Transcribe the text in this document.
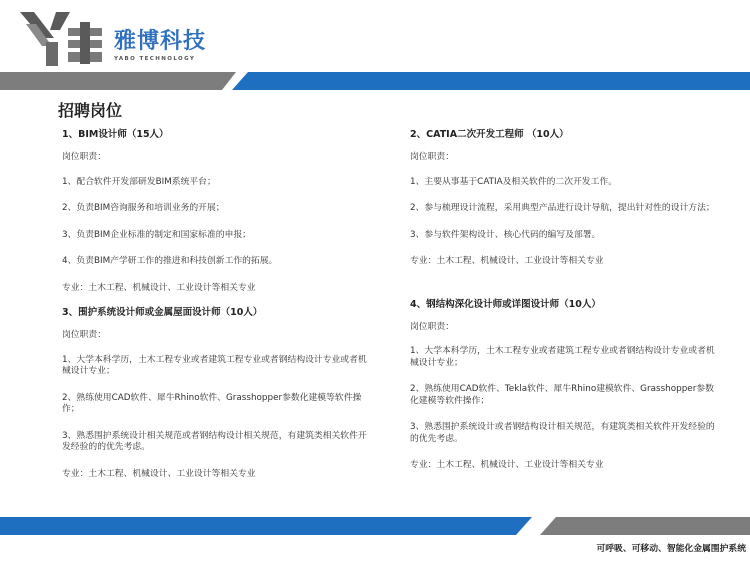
雅博科技
YABO TECHNOLOGY
招聘岗位
1、BIM设计师（15人）
岗位职责：
1、配合软件开发部研发BIM系统平台；
2、负责BIM咨询服务和培训业务的开展；
3、负责BIM企业标准的制定和国家标准的申报；
4、负责BIM产学研工作的推进和科技创新工作的拓展。
专业：土木工程、机械设计、工业设计等相关专业
3、围护系统设计师或金属屋面设计师（10人）
岗位职责：
1、大学本科学历，土木工程专业或者建筑工程专业或者钢结构设计专业或者机械设计专业；
2、熟练使用CAD软件、犀牛Rhino软件、Grasshopper参数化建模等软件操作；
3、熟悉围护系统设计相关规范或者钢结构设计相关规范，有建筑类相关软件开发经验的的优先考虑。
专业：土木工程、机械设计、工业设计等相关专业
2、CATIA二次开发工程师 （10人）
岗位职责：
1、主要从事基于CATIA及相关软件的二次开发工作。
2、参与梳理设计流程，采用典型产品进行设计导航，提出针对性的设计方法；
3、参与软件架构设计、核心代码的编写及部署。
专业：土木工程、机械设计、工业设计等相关专业
4、钢结构深化设计师或详图设计师（10人）
岗位职责：
1、大学本科学历，土木工程专业或者建筑工程专业或者钢结构设计专业或者机械设计专业；
2、熟练使用CAD软件、Tekla软件、犀牛Rhino建模软件、Grasshopper参数化建模等软件操作；
3、熟悉围护系统设计或者钢结构设计相关规范，有建筑类相关软件开发经验的的优先考虑。
专业：土木工程、机械设计、工业设计等相关专业
可呼吸、可移动、智能化金属围护系统
